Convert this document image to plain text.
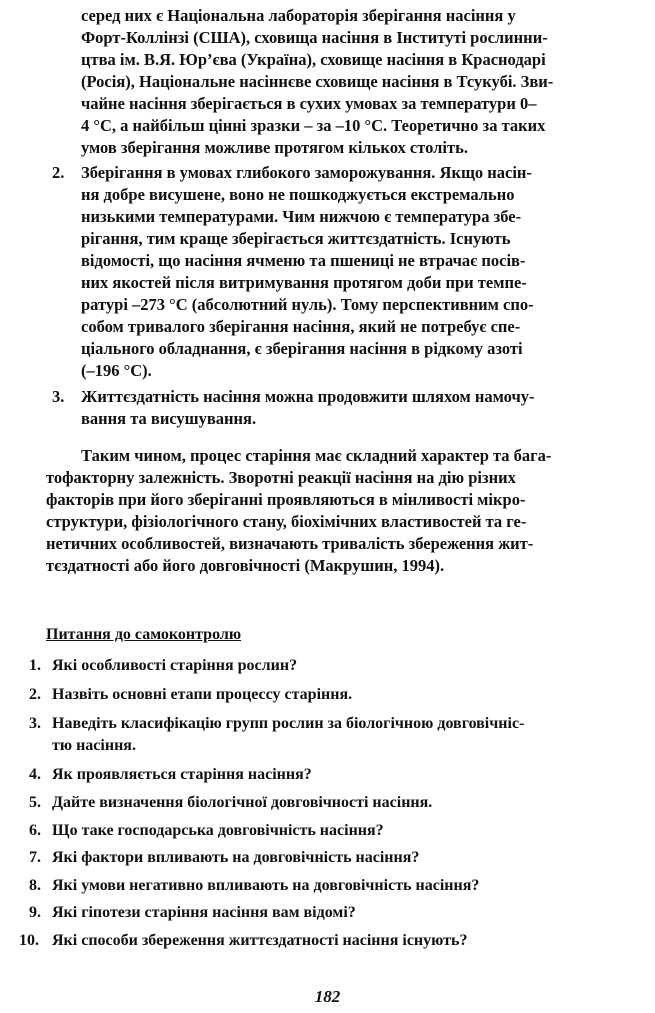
серед них є Національна лабораторія зберігання насіння у
Форт-Коллінзі (США), сховища насіння в Інституті рослинни-
цтва ім. В.Я. Юр’єва (Україна), сховище насіння в Краснодарі
(Росія), Національне насіннєве сховище насіння в Тсукубі. Зви-
чайне насіння зберігається в сухих умовах за температури 0–
4 °С, а найбільш цінні зразки – за –10 °С. Теоретично за таких
умов зберігання можливе протягом кількох століть.
2. Зберігання в умовах глибокого заморожування. Якщо насін-
ня добре висушене, воно не пошкоджується екстремально
низькими температурами. Чим нижчою є температура збе-
рігання, тим краще зберігається життєздатність. Існують
відомості, що насіння ячменю та пшениці не втрачає посів-
них якостей після витримування протягом доби при темпе-
ратурі –273 °С (абсолютний нуль). Тому перспективним спо-
собом тривалого зберігання насіння, який не потребує спе-
ціального обладнання, є зберігання насіння в рідкому азоті
(–196 °С).
3. Життєздатність насіння можна продовжити шляхом намочу-
вання та висушування.
Таким чином, процес старіння має складний характер та бага-
тофакторну залежність. Зворотні реакції насіння на дію різних
факторів при його зберіганні проявляються в мінливості мікро-
структури, фізіологічного стану, біохімічних властивостей та ге-
нетичних особливостей, визначають тривалість збереження жит-
тєздатності або його довговічності (Макрушин, 1994).
Питання до самоконтролю
1. Які особливості старіння рослин?
2. Назвіть основні етапи процессу старіння.
3. Наведіть класифікацію групп рослин за біологічною довговічніс-
тю насіння.
4. Як проявляється старіння насіння?
5. Дайте визначення біологічної довговічності насіння.
6. Що таке господарська довговічність насіння?
7. Які фактори впливають на довговічність насіння?
8. Які умови негативно впливають на довговічність насіння?
9. Які гіпотези старіння насіння вам відомі?
10. Які способи збереження життєздатності насіння існують?
182
